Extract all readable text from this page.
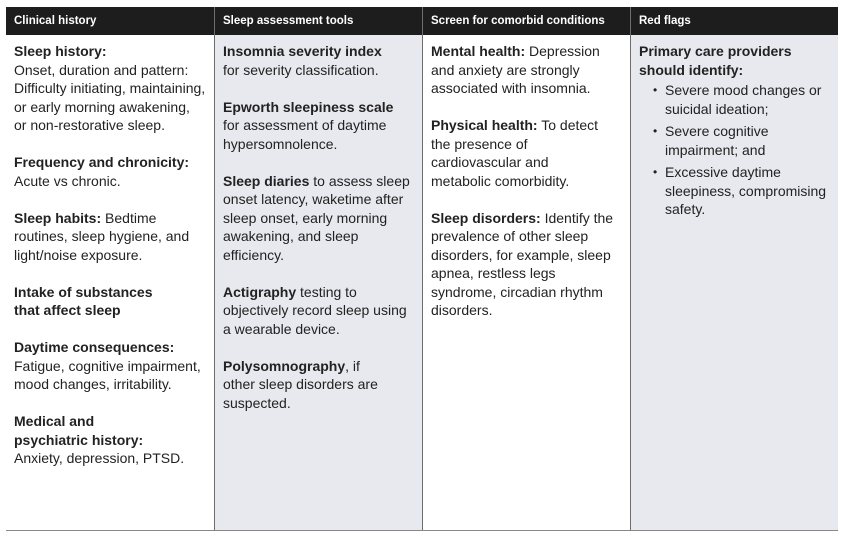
Clinical history
Sleep history:
Onset, duration and pattern: Difficulty initiating, maintaining, or early morning awakening, or non-restorative sleep.
Frequency and chronicity:
Acute vs chronic.
Sleep habits: Bedtime routines, sleep hygiene, and light/noise exposure.
Intake of substances that affect sleep
Daytime consequences:
Fatigue, cognitive impairment, mood changes, irritability.
Medical and psychiatric history:
Anxiety, depression, PTSD.
Sleep assessment tools
Insomnia severity index
for severity classification.
Epworth sleepiness scale
for assessment of daytime hypersomnolence.
Sleep diaries to assess sleep onset latency, waketime after sleep onset, early morning awakening, and sleep efficiency.
Actigraphy testing to objectively record sleep using a wearable device.
Polysomnography, if other sleep disorders are suspected.
Screen for comorbid conditions
Mental health: Depression and anxiety are strongly associated with insomnia.
Physical health: To detect the presence of cardiovascular and metabolic comorbidity.
Sleep disorders: Identify the prevalence of other sleep disorders, for example, sleep apnea, restless legs syndrome, circadian rhythm disorders.
Red flags
Primary care providers should identify:
• Severe mood changes or suicidal ideation;
• Severe cognitive impairment; and
• Excessive daytime sleepiness, compromising safety.
